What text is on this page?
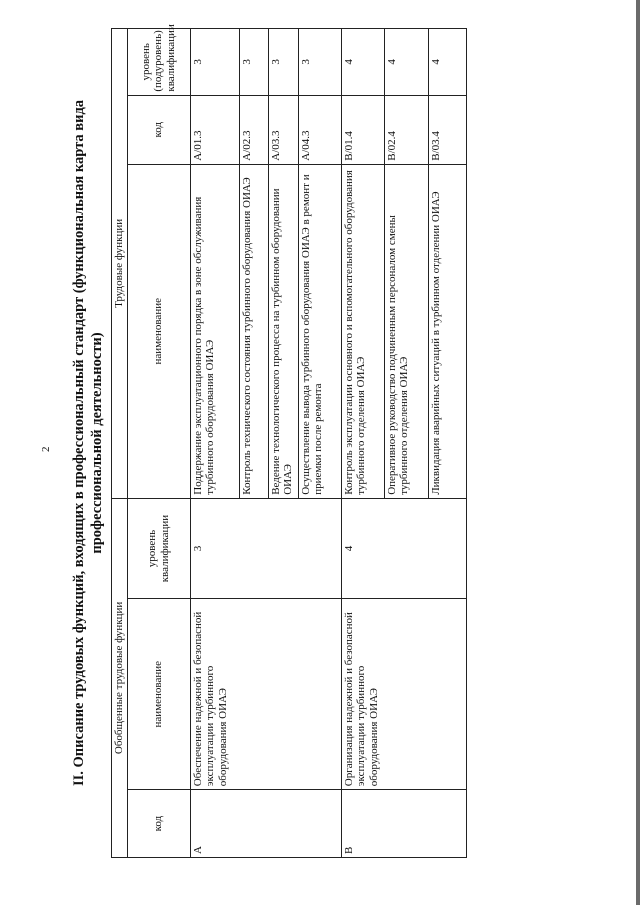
2 II. Описание трудовых функций, входящих в профессиональный стандарт (функциональная карта вида профессиональной деятельности)
Обобщенные трудовые функции			Трудовые функции		
код	наименование	уровень квалификации	наименование	код	уровень (подуровень) квалификации
A	Обеспечение надежной и безопасной эксплуатации турбинного оборудования ОИАЭ	3	Поддержание эксплуатационного порядка в зоне обслуживания турбинного оборудования ОИАЭ	A/01.3	3
			Контроль технического состояния турбинного оборудования ОИАЭ	A/02.3	3
			Ведение технологического процесса на турбинном оборудовании ОИАЭ	A/03.3	3
			Осуществление вывода турбинного оборудования ОИАЭ в ремонт и приемки после ремонта	A/04.3	3
B	Организация надежной и безопасной эксплуатации турбинного оборудования ОИАЭ	4	Контроль эксплуатации основного и вспомогательного оборудования турбинного отделения ОИАЭ	B/01.4	4
			Оперативное руководство подчиненным персоналом смены турбинного отделения ОИАЭ	B/02.4	4
			Ликвидация аварийных ситуаций в турбинном отделении ОИАЭ	B/03.4	4
